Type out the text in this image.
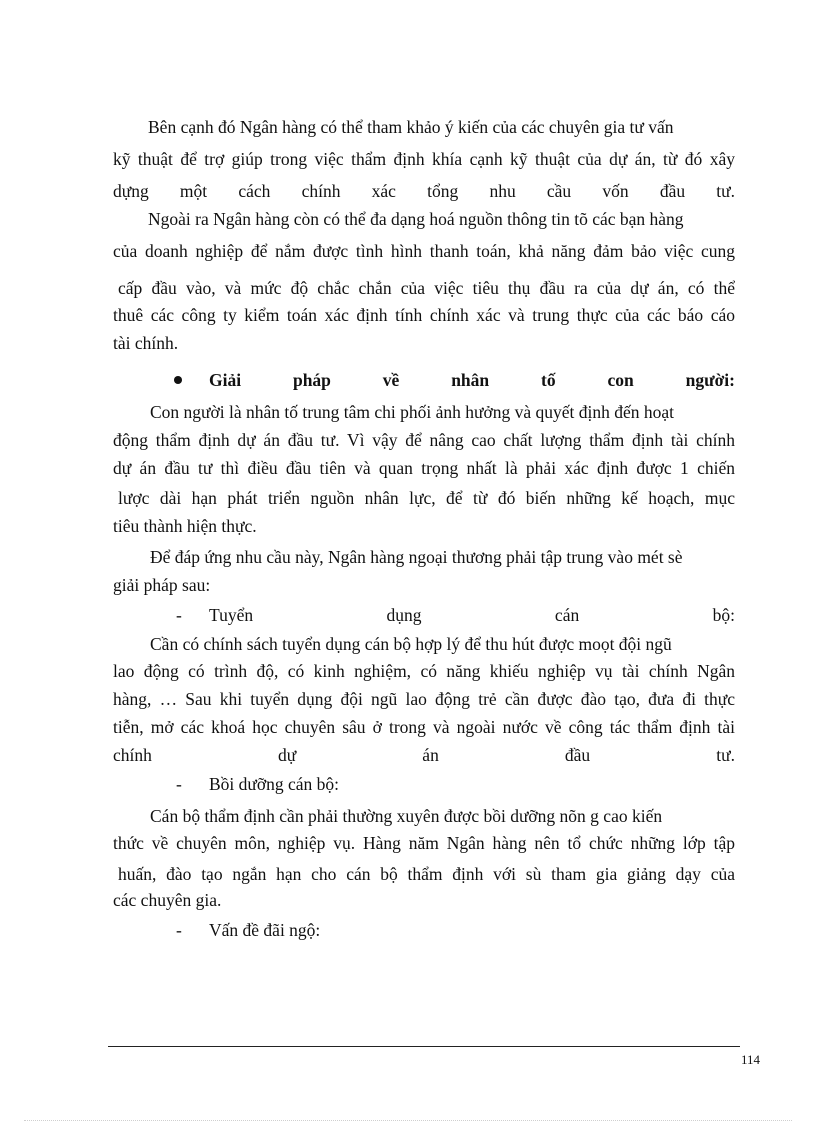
Bên cạnh đó Ngân hàng có thể tham khảo ý kiến của các chuyên gia tư vấn
kỹ thuật để trợ giúp trong việc thẩm định khía cạnh kỹ thuật của dự án, từ đó xây
dựng một cách chính xác tổng nhu cầu vốn đầu tư.
Ngoài ra Ngân hàng còn có thể đa dạng hoá nguồn thông tin tõ các bạn hàng
của doanh nghiệp để nắm được tình hình thanh toán, khả năng đảm bảo việc cung
cấp đầu vào, và mức độ chắc chắn của việc tiêu thụ đầu ra của dự án, có thể
thuê các công ty kiểm toán xác định tính chính xác và trung thực của các báo cáo
tài chính.
Giải pháp về nhân tố con người:
Con người là nhân tố trung tâm chi phối ảnh hưởng và quyết định đến hoạt
động thẩm định dự án đầu tư. Vì vậy để nâng cao chất lượng thẩm định tài chính
dự án đầu tư thì điều đầu tiên và quan trọng nhất là phải xác định được 1 chiến
lược dài hạn phát triển nguồn nhân lực, để từ đó biến những kế hoạch, mục
tiêu thành hiện thực.
Để đáp ứng nhu cầu này, Ngân hàng ngoại thương phải tập trung vào mét sè
giải pháp sau:
- Tuyển dụng cán bộ:
Cần có chính sách tuyển dụng cán bộ hợp lý để thu hút được moọt đội ngũ
lao động có trình độ, có kinh nghiệm, có năng khiếu nghiệp vụ tài chính Ngân
hàng, … Sau khi tuyển dụng đội ngũ lao động trẻ cần được đào tạo, đưa đi thực
tiễn, mở các khoá học chuyên sâu ở trong và ngoài nước về công tác thẩm định tài
chính dự án đầu tư.
- Bồi dưỡng cán bộ:
Cán bộ thẩm định cần phải thường xuyên được bồi dưỡng nõn g cao kiến
thức về chuyên môn, nghiệp vụ. Hàng năm Ngân hàng nên tổ chức những lớp tập
huấn, đào tạo ngắn hạn cho cán bộ thẩm định với sù tham gia giảng dạy của
các chuyên gia.
- Vấn đề đãi ngộ:
114
